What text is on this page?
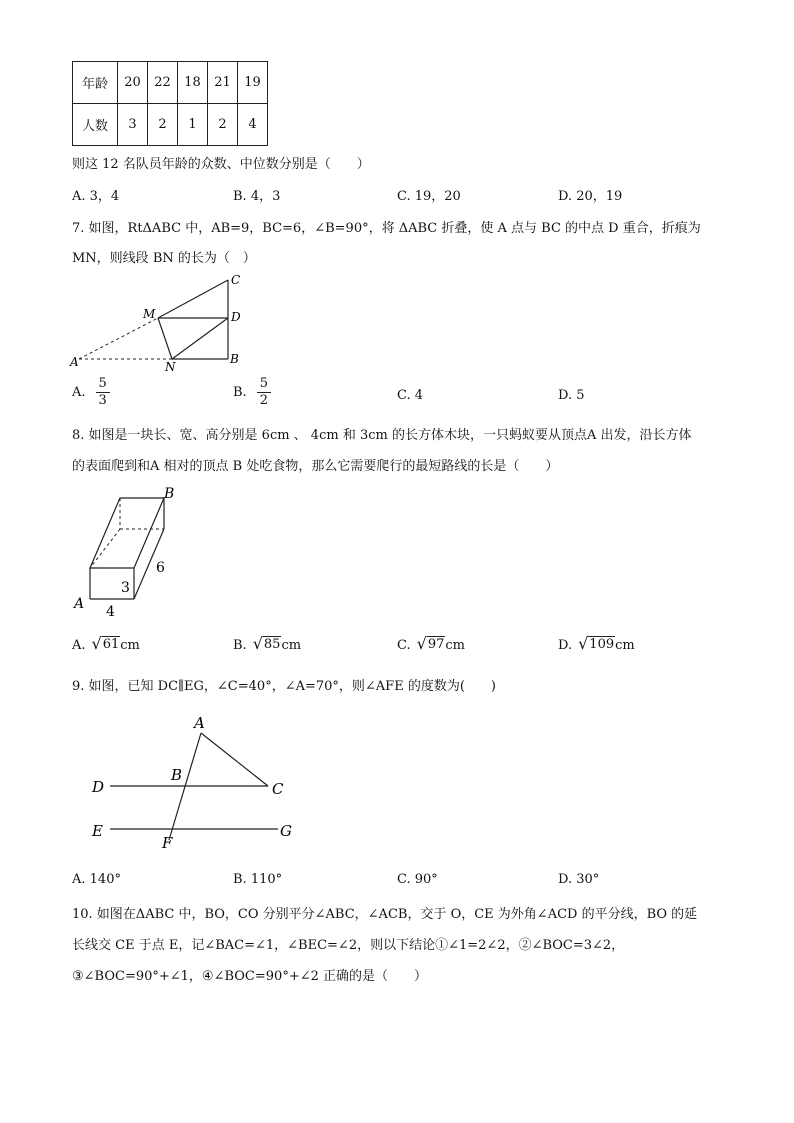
年龄	20	22	18	21	19
人数	3	2	1	2	4
则这 12 名队员年龄的众数、中位数分别是（　　）
A. 3，4	B. 4，3	C. 19，20	D. 20，19
7. 如图，RtΔABC 中，AB=9，BC=6，∠B=90°，将 ΔABC 折叠，使 A 点与 BC 的中点 D 重合，折痕为
MN，则线段 BN 的长为（　）
A
M
N
C
D
B
A. $\frac{5}{3}$	B. $\frac{5}{2}$	C. 4	D. 5
8. 如图是一块长、宽、高分别是 6cm 、 4cm 和 3cm 的长方体木块，一只蚂蚁要从顶点A 出发，沿长方体
的表面爬到和A 相对的顶点 B 处吃食物，那么它需要爬行的最短路线的长是（　　）
B
A
3
4
6
A. √ 61 cm	B. √ 85 cm	C. √ 97 cm	D. √ 109 cm
9. 如图，已知 DC∥EG，∠C=40°，∠A=70°，则∠AFE 的度数为(　　)
A
B
C
D
E
F
G
A. 140°	B. 110°	C. 90°	D. 30°
10. 如图在ΔABC 中，BO，CO 分别平分∠ABC，∠ACB，交于 O，CE 为外角∠ACD 的平分线，BO 的延
长线交 CE 于点 E，记∠BAC=∠1，∠BEC=∠2，则以下结论①∠1=2∠2，②∠BOC=3∠2，
③∠BOC=90°+∠1，④∠BOC=90°+∠2 正确的是（　　）
